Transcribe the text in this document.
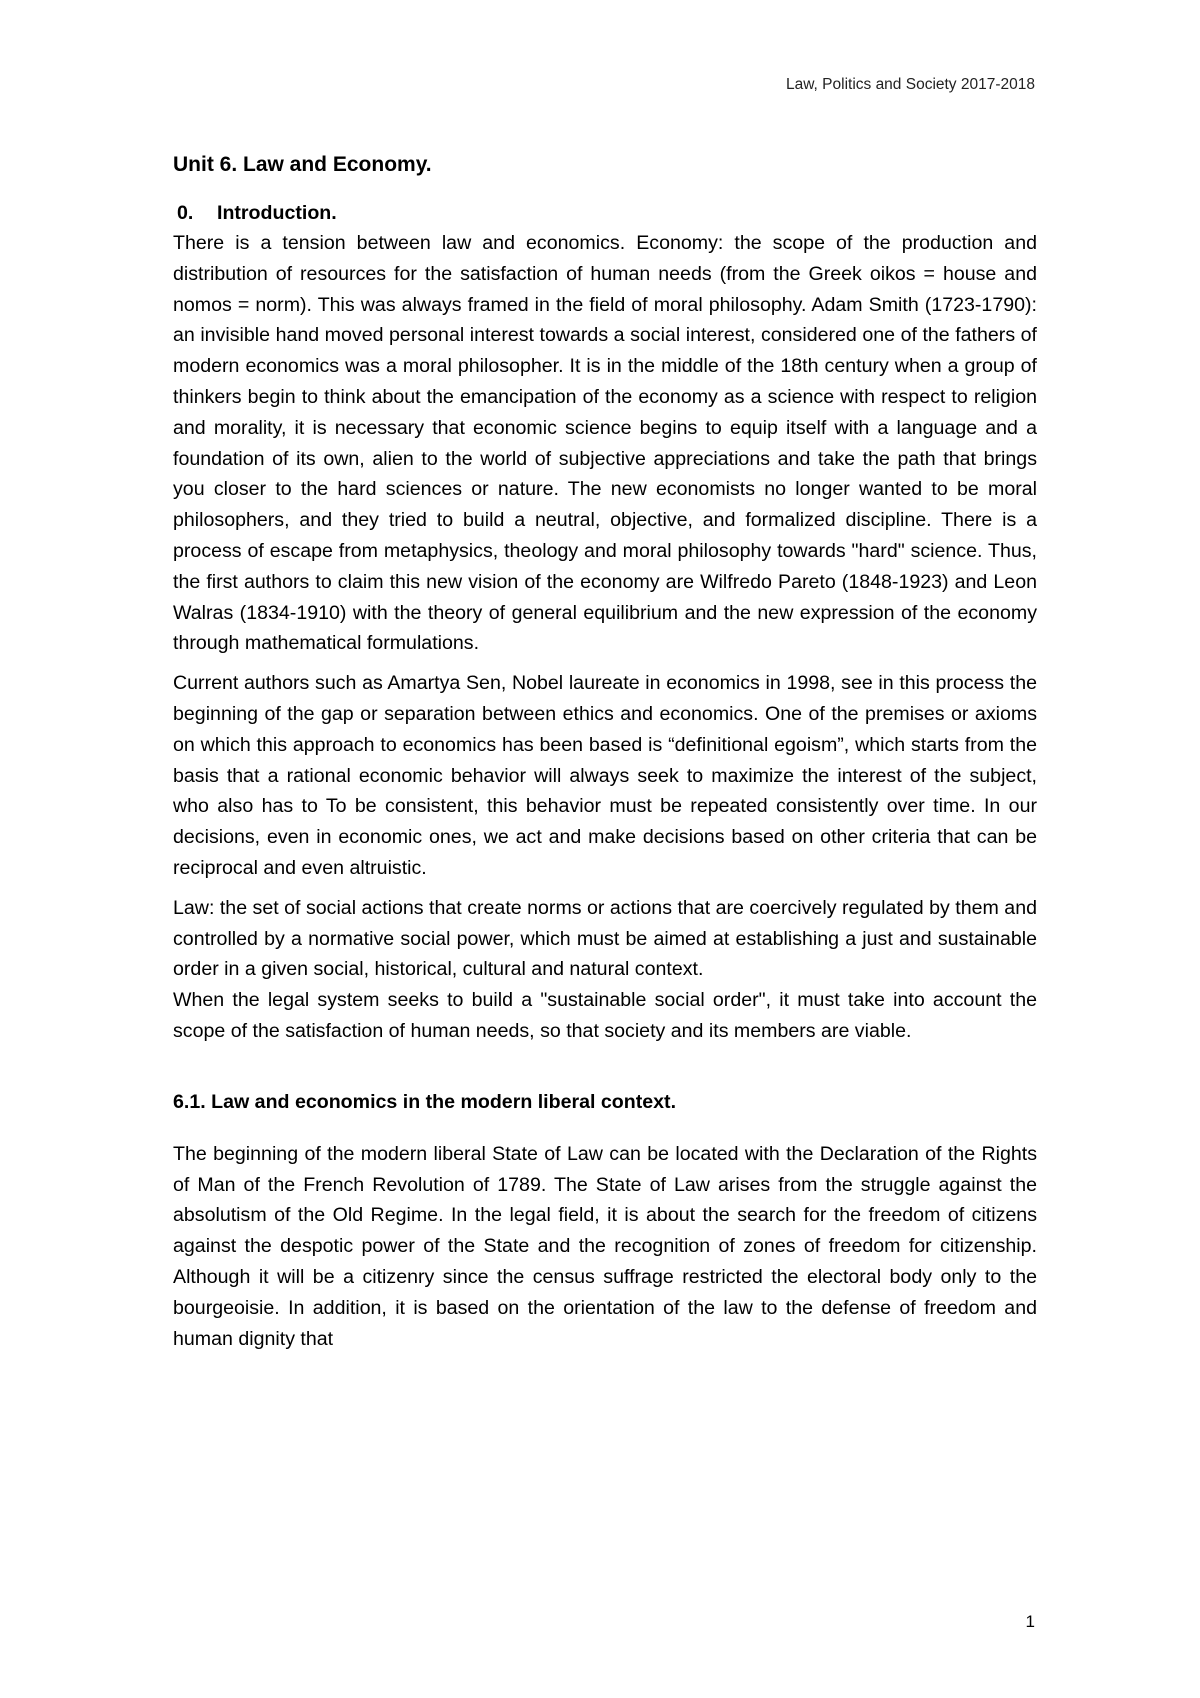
Law, Politics and Society 2017-2018
Unit 6. Law and Economy.
0. Introduction.

There is a tension between law and economics. Economy: the scope of the production and distribution of resources for the satisfaction of human needs (from the Greek oikos = house and nomos = norm). This was always framed in the field of moral philosophy. Adam Smith (1723-1790): an invisible hand moved personal interest towards a social interest, considered one of the fathers of modern economics was a moral philosopher. It is in the middle of the 18th century when a group of thinkers begin to think about the emancipation of the economy as a science with respect to religion and morality, it is necessary that economic science begins to equip itself with a language and a foundation of its own, alien to the world of subjective appreciations and take the path that brings you closer to the hard sciences or nature. The new economists no longer wanted to be moral philosophers, and they tried to build a neutral, objective, and formalized discipline. There is a process of escape from metaphysics, theology and moral philosophy towards "hard" science. Thus, the first authors to claim this new vision of the economy are Wilfredo Pareto (1848-1923) and Leon Walras (1834-1910) with the theory of general equilibrium and the new expression of the economy through mathematical formulations.

Current authors such as Amartya Sen, Nobel laureate in economics in 1998, see in this process the beginning of the gap or separation between ethics and economics. One of the premises or axioms on which this approach to economics has been based is “definitional egoism”, which starts from the basis that a rational economic behavior will always seek to maximize the interest of the subject, who also has to To be consistent, this behavior must be repeated consistently over time. In our decisions, even in economic ones, we act and make decisions based on other criteria that can be reciprocal and even altruistic.

Law: the set of social actions that create norms or actions that are coercively regulated by them and controlled by a normative social power, which must be aimed at establishing a just and sustainable order in a given social, historical, cultural and natural context.

When the legal system seeks to build a "sustainable social order", it must take into account the scope of the satisfaction of human needs, so that society and its members are viable.

6.1. Law and economics in the modern liberal context.

The beginning of the modern liberal State of Law can be located with the Declaration of the Rights of Man of the French Revolution of 1789. The State of Law arises from the struggle against the absolutism of the Old Regime. In the legal field, it is about the search for the freedom of citizens against the despotic power of the State and the recognition of zones of freedom for citizenship. Although it will be a citizenry since the census suffrage restricted the electoral body only to the bourgeoisie. In addition, it is based on the orientation of the law to the defense of freedom and human dignity that

1
